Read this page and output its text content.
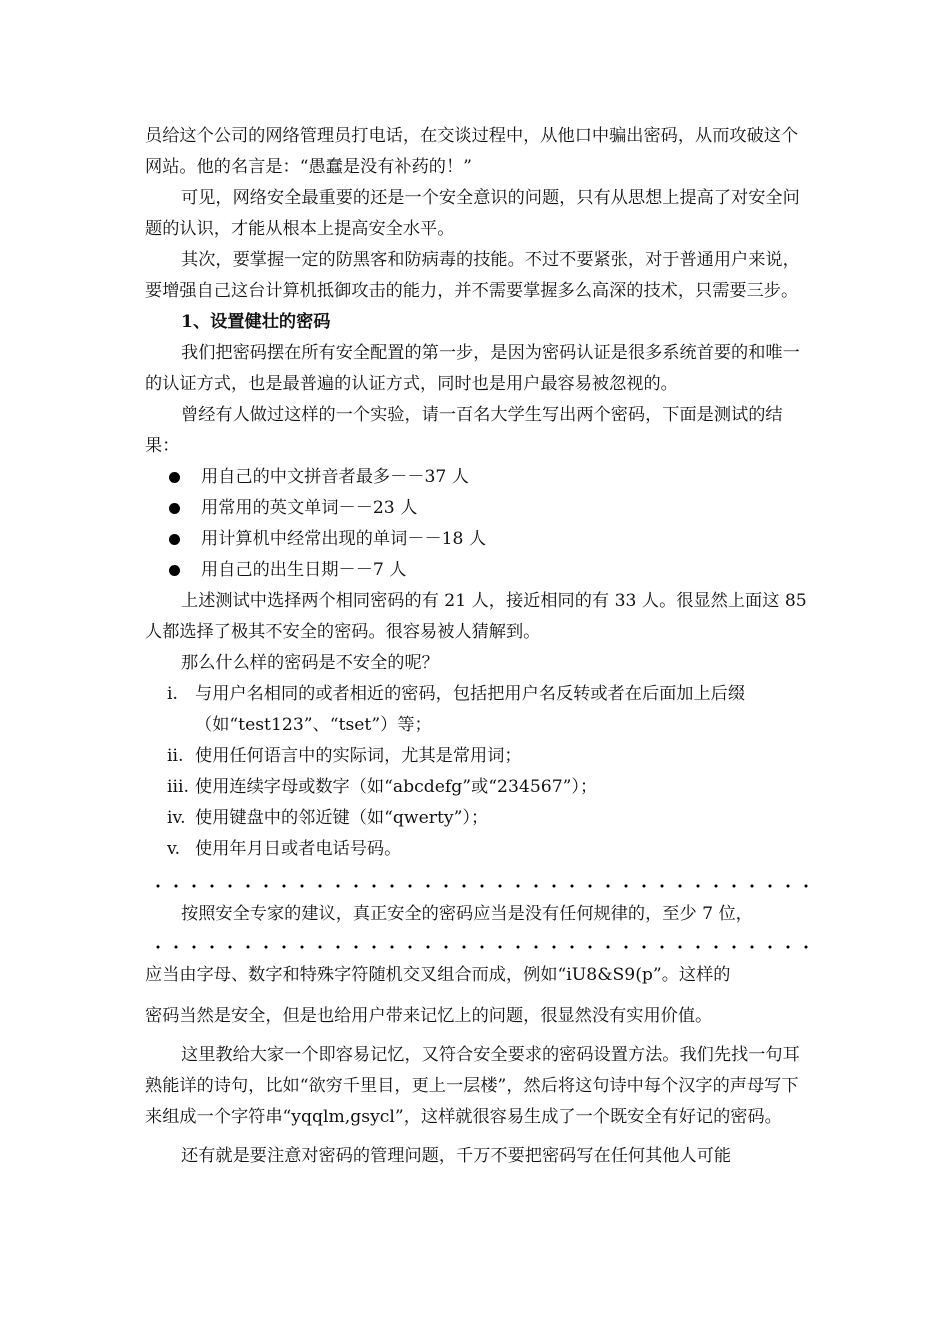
员给这个公司的网络管理员打电话，在交谈过程中，从他口中骗出密码，从而攻破这个网站。他的名言是：“愚蠢是没有补药的！”

可见，网络安全最重要的还是一个安全意识的问题，只有从思想上提高了对安全问题的认识，才能从根本上提高安全水平。

其次，要掌握一定的防黑客和防病毒的技能。不过不要紧张，对于普通用户来说，要增强自己这台计算机抵御攻击的能力，并不需要掌握多么高深的技术，只需要三步。

1、设置健壮的密码

我们把密码摆在所有安全配置的第一步，是因为密码认证是很多系统首要的和唯一的认证方式，也是最普遍的认证方式，同时也是用户最容易被忽视的。

曾经有人做过这样的一个实验，请一百名大学生写出两个密码，下面是测试的结果：

用自己的中文拼音者最多－－37 人
用常用的英文单词－－23 人
用计算机中经常出现的单词－－18 人
用自己的出生日期－－7 人

上述测试中选择两个相同密码的有 21 人，接近相同的有 33 人。很显然上面这 85 人都选择了极其不安全的密码。很容易被人猜解到。

那么什么样的密码是不安全的呢？

i. 与用户名相同的或者相近的密码，包括把用户名反转或者在后面加上后缀（如“test123”、“tset”）等；
ii. 使用任何语言中的实际词，尤其是常用词；
iii. 使用连续字母或数字（如“abcdefg”或“234567”）；
iv. 使用键盘中的邻近键（如“qwerty”）；
v. 使用年月日或者电话号码。

按照安全专家的建议，真正安全的密码应当是没有任何规律的，至少 7 位，

应当由字母、数字和特殊字符随机交叉组合而成，例如“iU8&S9(p”。这样的

密码当然是安全，但是也给用户带来记忆上的问题，很显然没有实用价值。

这里教给大家一个即容易记忆，又符合安全要求的密码设置方法。我们先找一句耳熟能详的诗句，比如“欲穷千里目，更上一层楼”，然后将这句诗中每个汉字的声母写下来组成一个字符串“yqqlm,gsycl”，这样就很容易生成了一个既安全有好记的密码。

还有就是要注意对密码的管理问题，千万不要把密码写在任何其他人可能
